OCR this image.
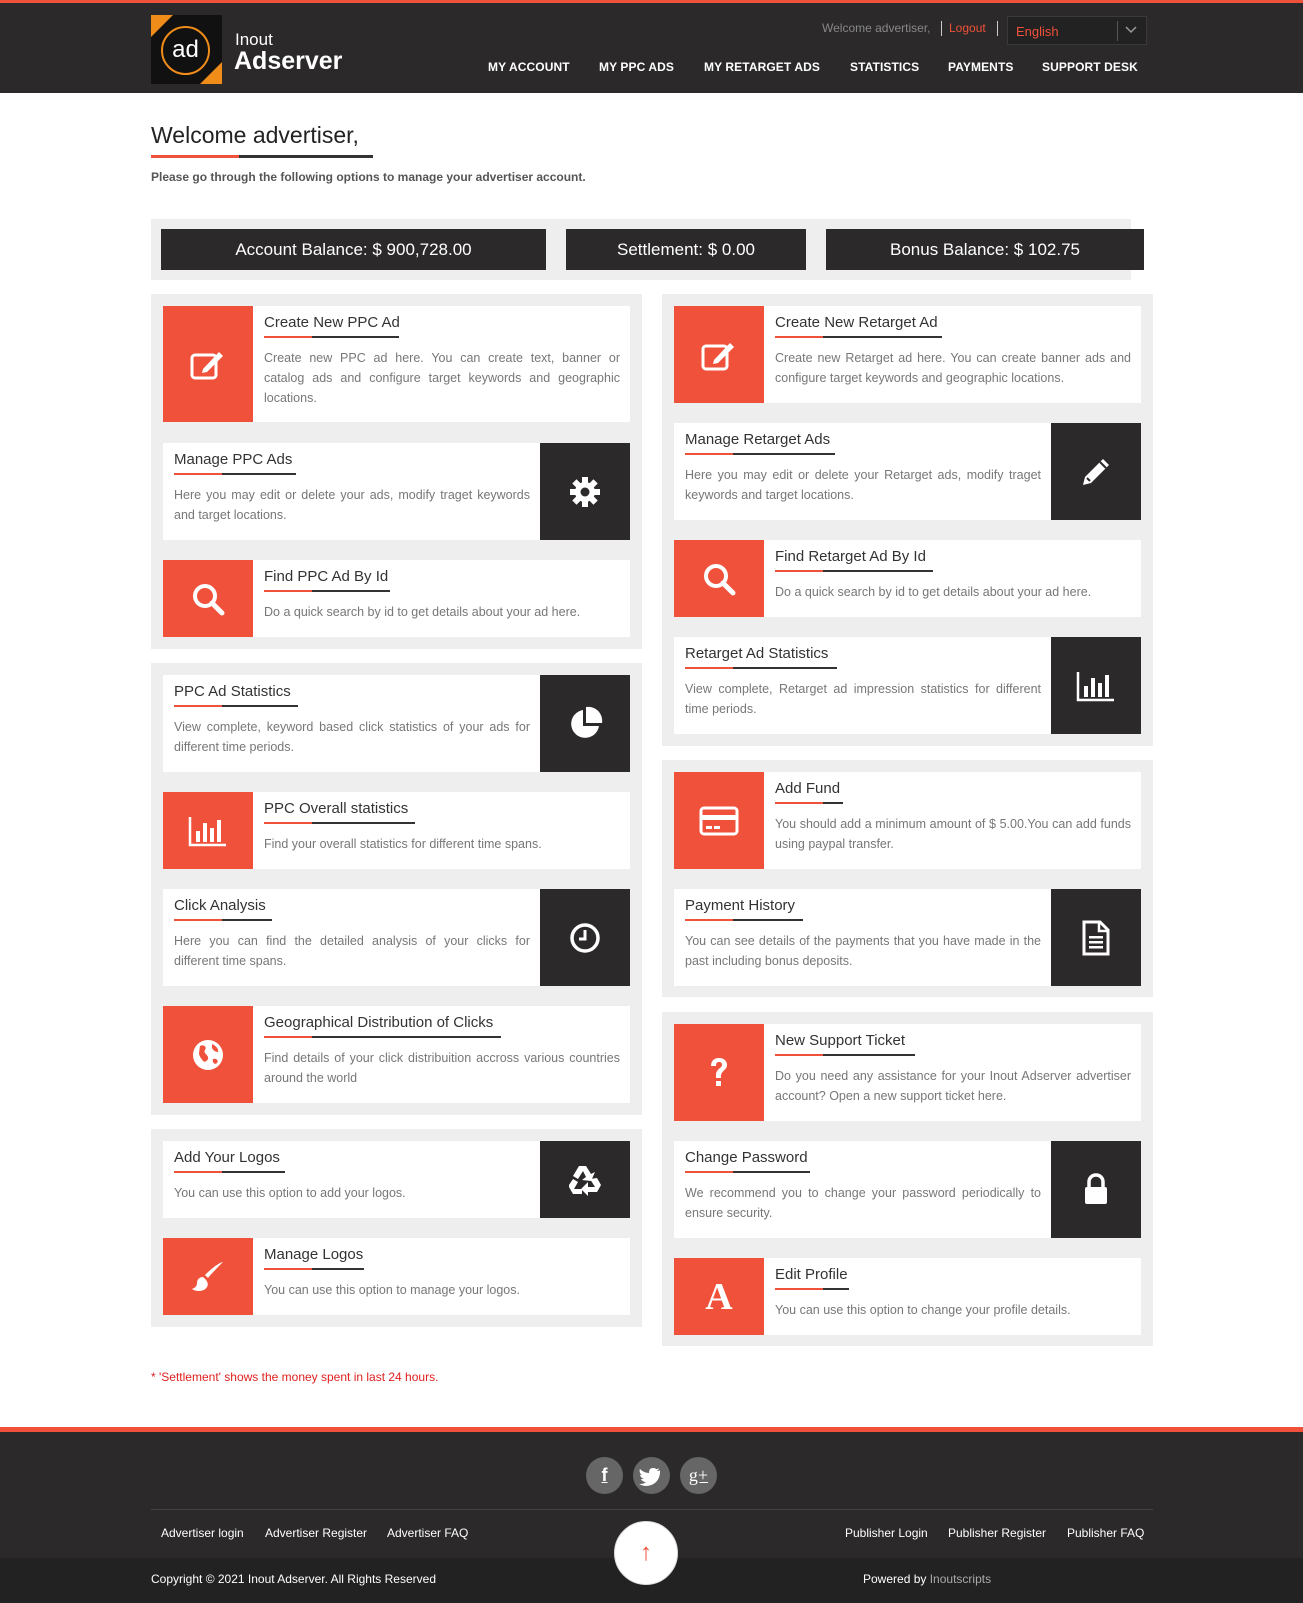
ad	Inout
Adserver
Welcome advertiser, Logout English
MY ACCOUNT MY PPC ADS MY RETARGET ADS	STATISTICS PAYMENTS SUPPORT DESK
Welcome advertiser,

Please go through the following options to manage your advertiser account.

Account Balance: $ 900,728.00	Settlement: $ 0.00	Bonus Balance: $ 102.75
Create New PPC Ad
Create new PPC ad here. You can create text, banner or catalog ads and configure target keywords and geographic locations.
Manage PPC Ads
Here you may edit or delete your ads, modify traget keywords and target locations.
Find PPC Ad By Id
Do a quick search by id to get details about your ad here.
PPC Ad Statistics
View complete, keyword based click statistics of your ads for different time periods.
PPC Overall statistics
Find your overall statistics for different time spans.
Click Analysis
Here you can find the detailed analysis of your clicks for different time spans.
Geographical Distribution of Clicks
Find details of your click distribuition accross various countries around the world
Add Your Logos
You can use this option to add your logos.
Manage Logos
You can use this option to manage your logos.
Create New Retarget Ad
Create new Retarget ad here. You can create banner ads and configure target keywords and geographic locations.
Manage Retarget Ads
Here you may edit or delete your Retarget ads, modify traget keywords and target locations.
Find Retarget Ad By Id
Do a quick search by id to get details about your ad here.
Retarget Ad Statistics
View complete, Retarget ad impression statistics for different time periods.
Add Fund
You should add a minimum amount of $ 5.00.You can add funds using paypal transfer.
Payment History
You can see details of the payments that you have made in the past including bonus deposits.
New Support Ticket
Do you need any assistance for your Inout Adserver advertiser account? Open a new support ticket here.
Change Password
We recommend you to change your password periodically to ensure security.
A
Edit Profile
You can use this option to change your profile details.

* 'Settlement' shows the money spent in last 24 hours.

f	g+
Advertiser login Advertiser Register Advertiser FAQ	Publisher Login Publisher Register Publisher FAQ
Copyright © 2021 Inout Adserver. All Rights Reserved	Powered by Inoutscripts
↑
